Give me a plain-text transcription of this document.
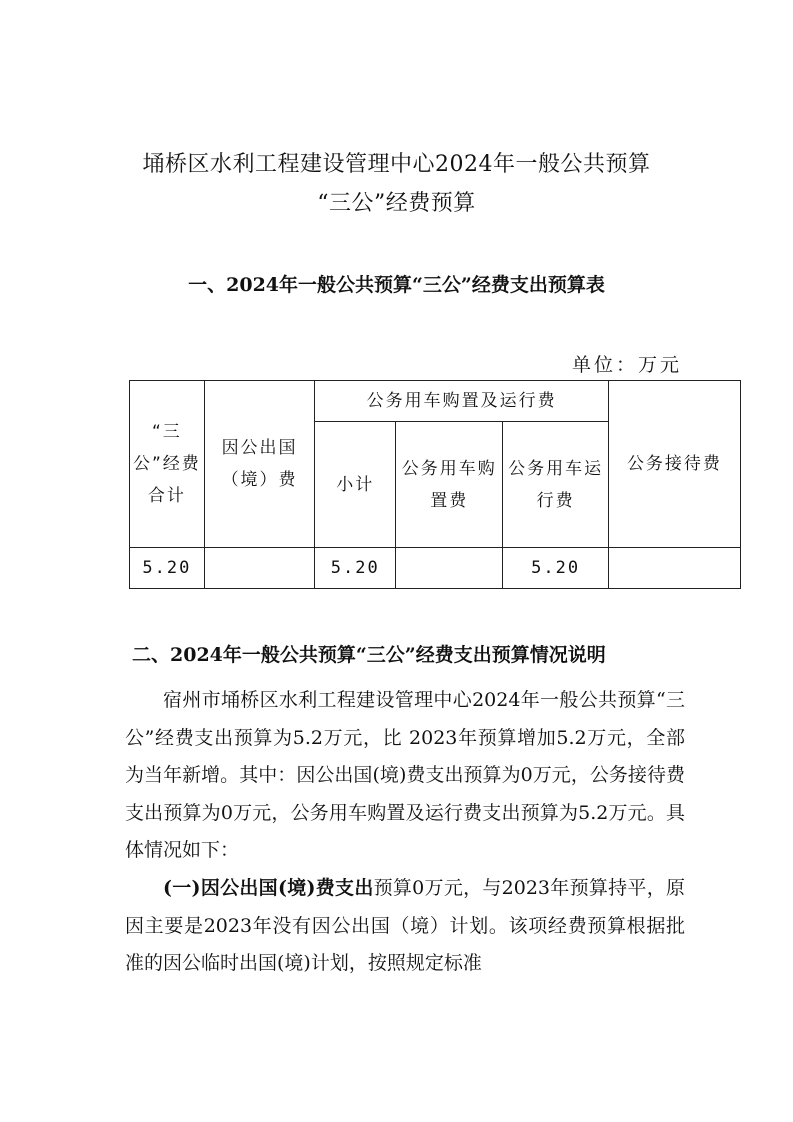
埇桥区水利工程建设管理中心2024年一般公共预算
“三公”经费预算
一、2024年一般公共预算“三公”经费支出预算表
单位：万元
“三公”经费合计	因公出国（境）费	公务用车购置及运行费			公务接待费
		小计	公务用车购置费	公务用车运行费	
5.20		5.20		5.20	
二、2024年一般公共预算“三公”经费支出预算情况说明
宿州市埇桥区水利工程建设管理中心2024年一般公共预算“三公”经费支出预算为5.2万元，比 2023年预算增加5.2万元，全部为当年新增。其中：因公出国(境)费支出预算为0万元，公务接待费支出预算为0万元，公务用车购置及运行费支出预算为5.2万元。具体情况如下：
(一)因公出国(境)费支出预算0万元，与2023年预算持平，原因主要是2023年没有因公出国（境）计划。该项经费预算根据批准的因公临时出国(境)计划，按照规定标准
